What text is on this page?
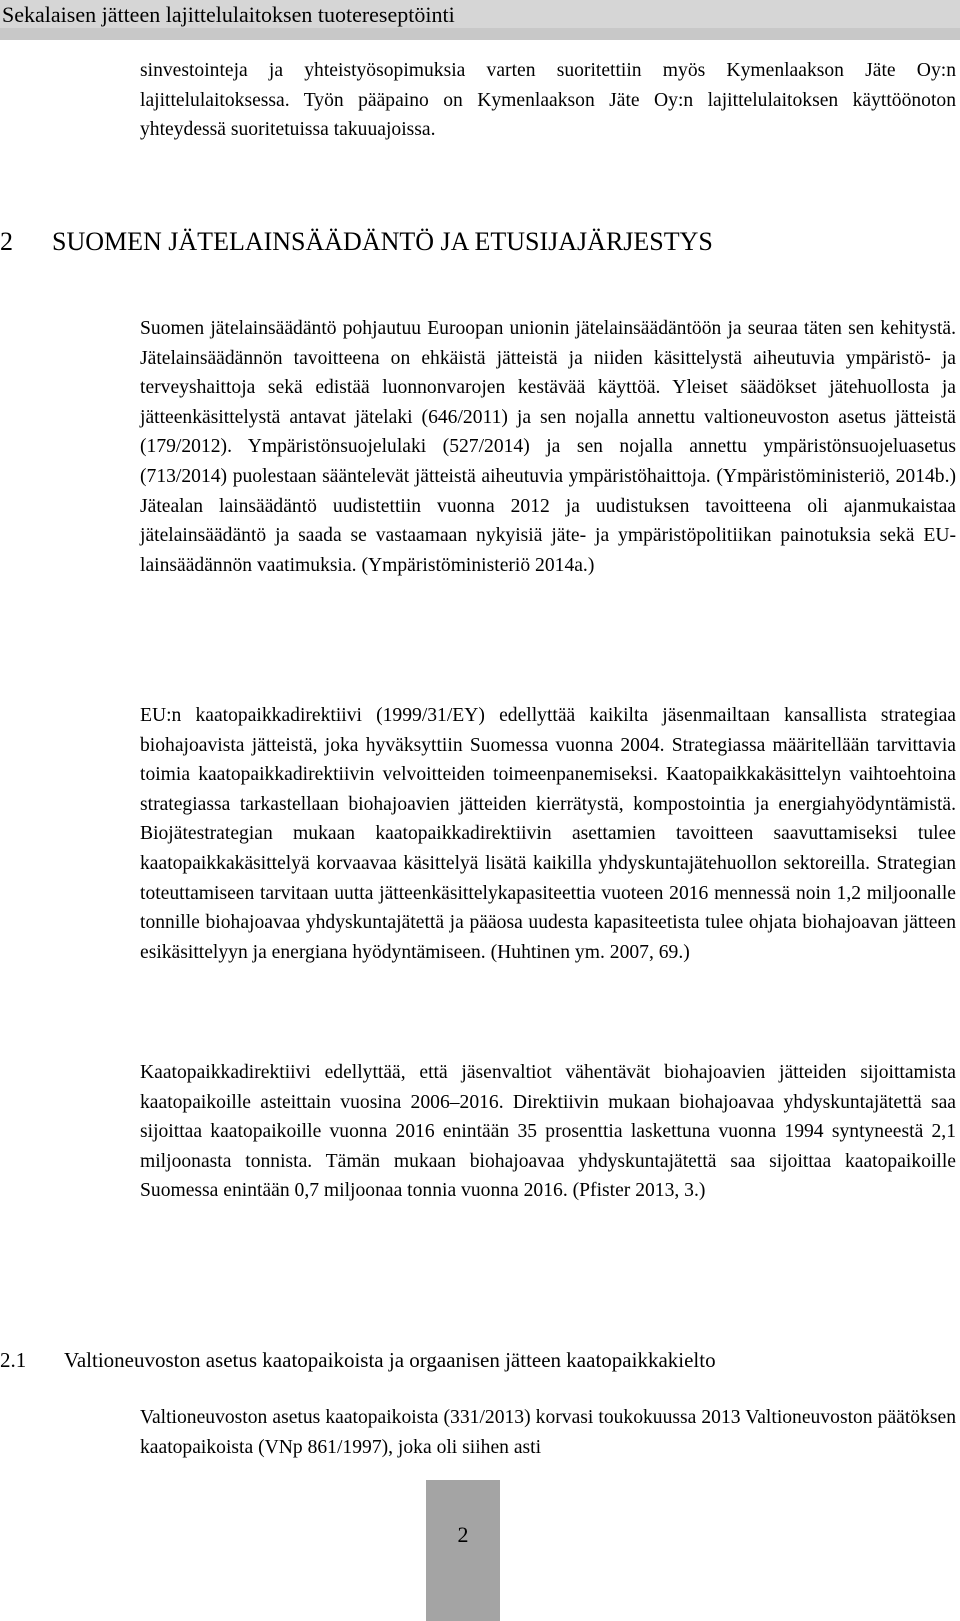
Sekalaisen jätteen lajittelulaitoksen tuotereseptöinti

sinvestointeja ja yhteistyösopimuksia varten suoritettiin myös Kymenlaakson Jäte Oy:n lajittelulaitoksessa. Työn pääpaino on Kymenlaakson Jäte Oy:n lajittelulaitoksen käyttöönoton yhteydessä suoritetuissa takuuajoissa.

2 SUOMEN JÄTELAINSÄÄDÄNTÖ JA ETUSIJAJÄRJESTYS

Suomen jätelainsäädäntö pohjautuu Euroopan unionin jätelainsäädäntöön ja seuraa täten sen kehitystä. Jätelainsäädännön tavoitteena on ehkäistä jätteistä ja niiden käsittelystä aiheutuvia ympäristö- ja terveyshaittoja sekä edistää luonnonvarojen kestävää käyttöä. Yleiset säädökset jätehuollosta ja jätteenkäsittelystä antavat jätelaki (646/2011) ja sen nojalla annettu valtioneuvoston asetus jätteistä (179/2012). Ympäristönsuojelulaki (527/2014) ja sen nojalla annettu ympäristönsuojeluasetus (713/2014) puolestaan sääntelevät jätteistä aiheutuvia ympäristöhaittoja. (Ympäristöministeriö, 2014b.) Jätealan lainsäädäntö uudistettiin vuonna 2012 ja uudistuksen tavoitteena oli ajanmukaistaa jätelainsäädäntö ja saada se vastaamaan nykyisiä jäte- ja ympäristöpolitiikan painotuksia sekä EU-lainsäädännön vaatimuksia. (Ympäristöministeriö 2014a.)

EU:n kaatopaikkadirektiivi (1999/31/EY) edellyttää kaikilta jäsenmailtaan kansallista strategiaa biohajoavista jätteistä, joka hyväksyttiin Suomessa vuonna 2004. Strategiassa määritellään tarvittavia toimia kaatopaikkadirektiivin velvoitteiden toimeenpanemiseksi. Kaatopaikkakäsittelyn vaihtoehtoina strategiassa tarkastellaan biohajoavien jätteiden kierrätystä, kompostointia ja energiahyödyntämistä. Biojätestrategian mukaan kaatopaikkadirektiivin asettamien tavoitteen saavuttamiseksi tulee kaatopaikkakäsittelyä korvaavaa käsittelyä lisätä kaikilla yhdyskuntajätehuollon sektoreilla. Strategian toteuttamiseen tarvitaan uutta jätteenkäsittelykapasiteettia vuoteen 2016 mennessä noin 1,2 miljoonalle tonnille biohajoavaa yhdyskuntajätettä ja pääosa uudesta kapasiteetista tulee ohjata biohajoavan jätteen esikäsittelyyn ja energiana hyödyntämiseen. (Huhtinen ym. 2007, 69.)

Kaatopaikkadirektiivi edellyttää, että jäsenvaltiot vähentävät biohajoavien jätteiden sijoittamista kaatopaikoille asteittain vuosina 2006–2016. Direktiivin mukaan biohajoavaa yhdyskuntajätettä saa sijoittaa kaatopaikoille vuonna 2016 enintään 35 prosenttia laskettuna vuonna 1994 syntyneestä 2,1 miljoonasta tonnista. Tämän mukaan biohajoavaa yhdyskuntajätettä saa sijoittaa kaatopaikoille Suomessa enintään 0,7 miljoonaa tonnia vuonna 2016. (Pfister 2013, 3.)

2.1 Valtioneuvoston asetus kaatopaikoista ja orgaanisen jätteen kaatopaikkakielto

Valtioneuvoston asetus kaatopaikoista (331/2013) korvasi toukokuussa 2013 Valtioneuvoston päätöksen kaatopaikoista (VNp 861/1997), joka oli siihen asti

2
